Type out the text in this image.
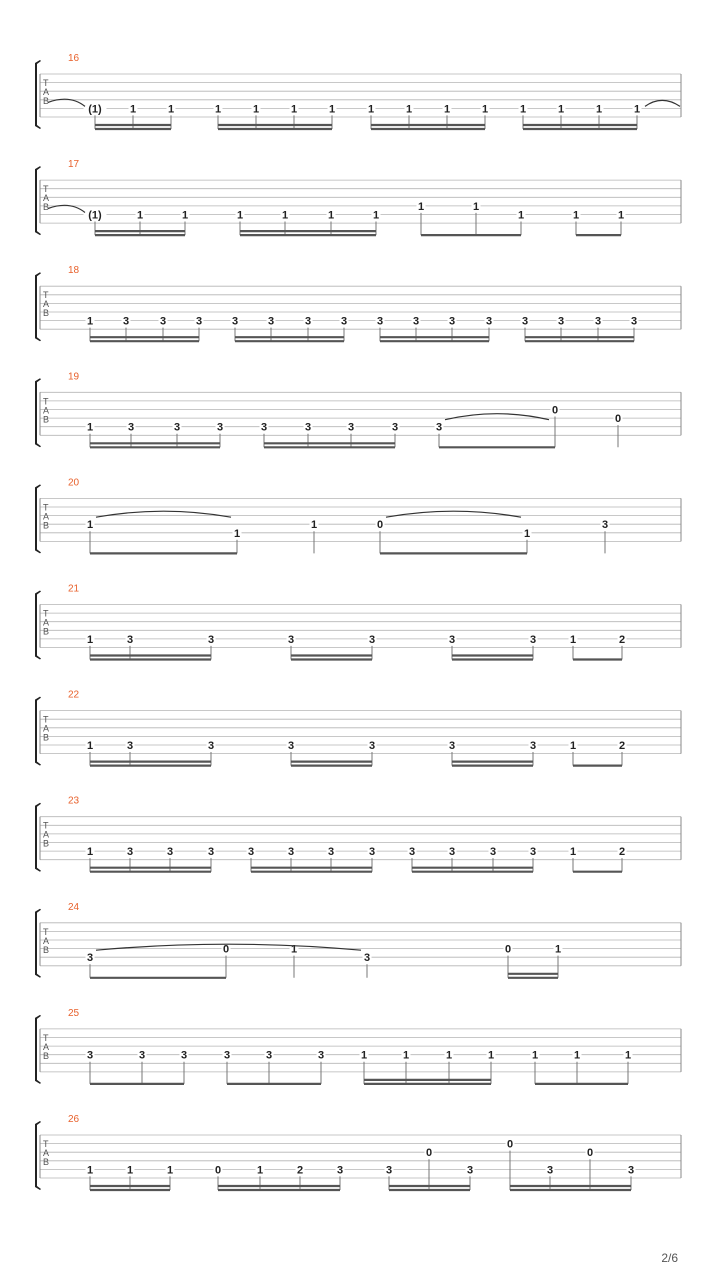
16
T
A
B
(1)	1	1	1	1	1	1	1	1	1	1	1	1	1	1
17
T
A
B
(1)	1	1	1	1	1	1
1	1
1	1	1
18
T
A
B
1	3	3	3	3	3	3	3	3	3	3	3	3	3	3	3
19
T
A
B
1	3	3	3	3	3	3	3	3
0
0
20
T
A
B	1
1
1	0
1
3
21
T
A
B
1	3	3	3	3	3	3	1	2
22
T
A
B
1	3	3	3	3	3	3	1	2
23
T
A
B
1	3	3	3	3	3	3	3	3	3	3	3	1	2
24
T
A
B
3
0	1
3
0	1
25
T
A
B	3	3	3	3	3	3	1	1	1	1	1	1	1
26
T
A
B
1	1	1	0	1	2	3	3
0
3
0
3
0
3
2/6
